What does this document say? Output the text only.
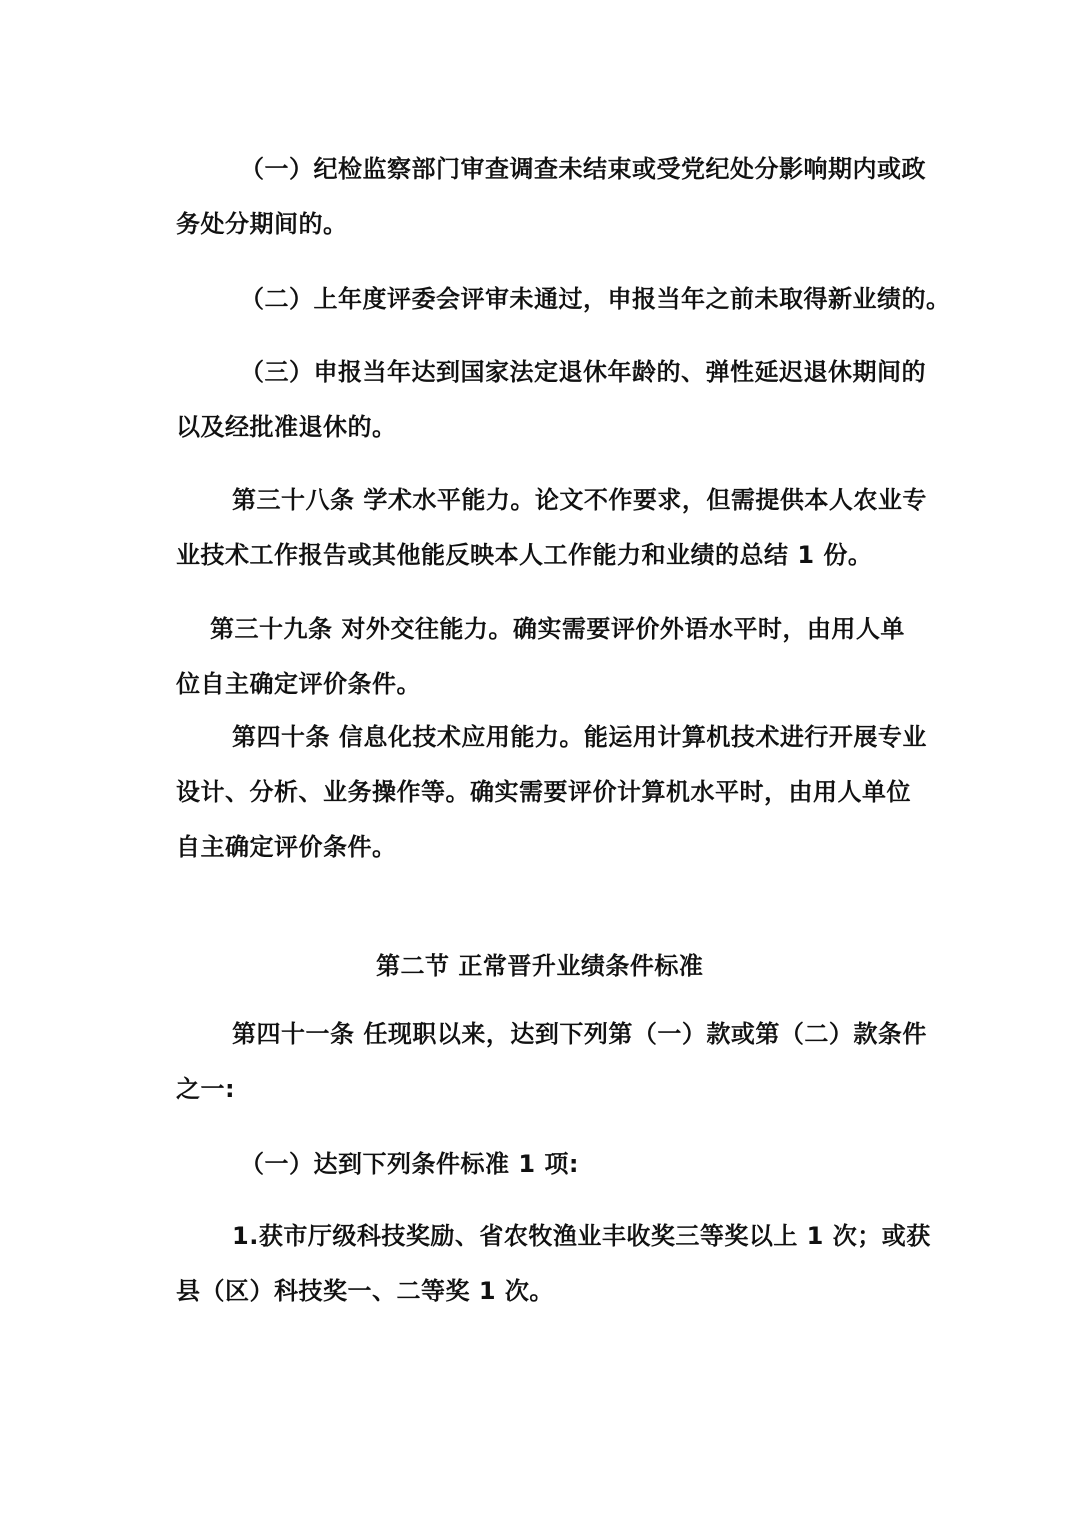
（一）纪检监察部门审查调查未结束或受党纪处分影响期内或政
务处分期间的。
（二）上年度评委会评审未通过，申报当年之前未取得新业绩的。
（三）申报当年达到国家法定退休年龄的、弹性延迟退休期间的
以及经批准退休的。
第三十八条 学术水平能力。论文不作要求，但需提供本人农业专
业技术工作报告或其他能反映本人工作能力和业绩的总结 1 份。
第三十九条 对外交往能力。确实需要评价外语水平时，由用人单
位自主确定评价条件。
第四十条 信息化技术应用能力。能运用计算机技术进行开展专业
设计、分析、业务操作等。确实需要评价计算机水平时，由用人单位
自主确定评价条件。
第二节 正常晋升业绩条件标准
第四十一条 任现职以来，达到下列第（一）款或第（二）款条件
之一:
（一）达到下列条件标准 1 项:
1.获市厅级科技奖励、省农牧渔业丰收奖三等奖以上 1 次；或获
县（区）科技奖一、二等奖 1 次。
